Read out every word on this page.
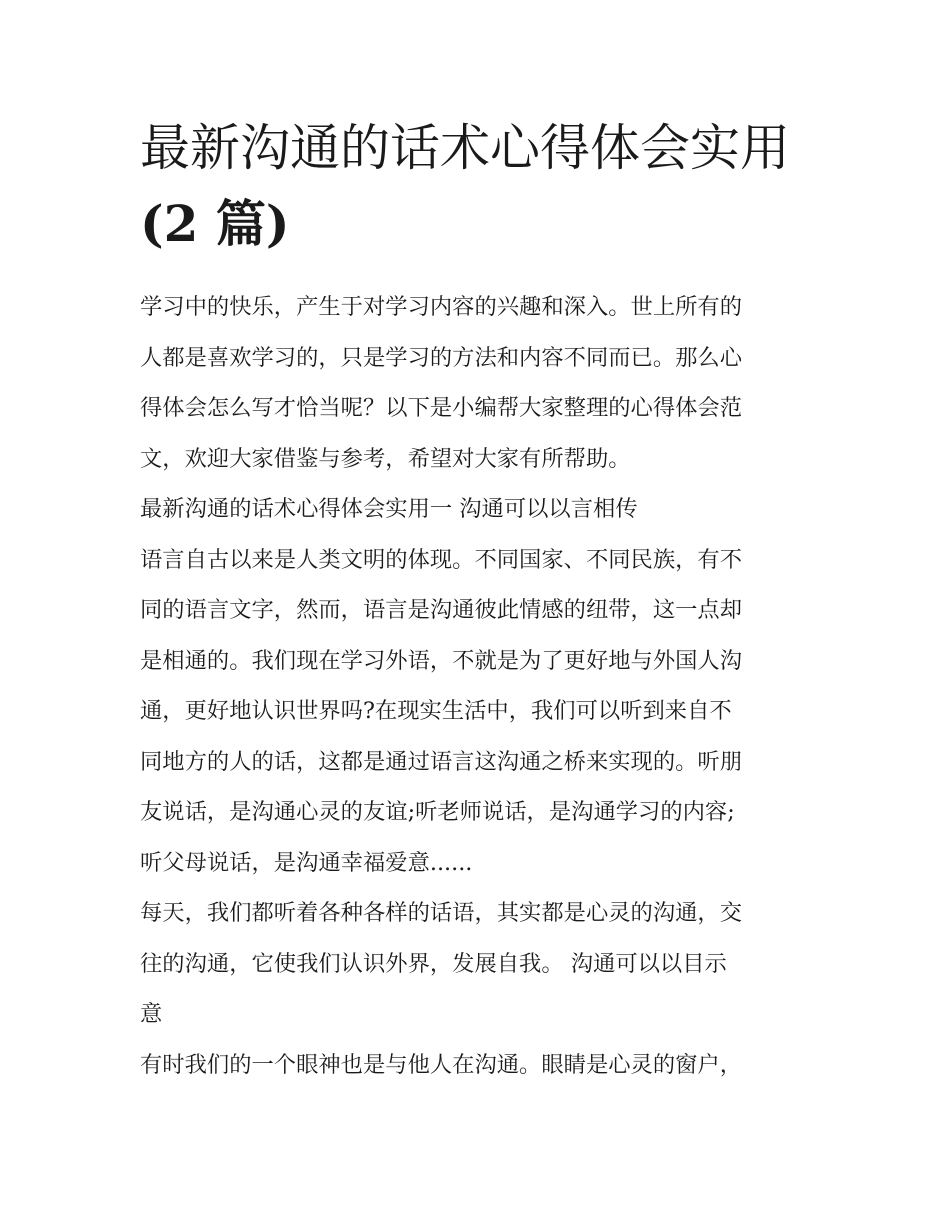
最新沟通的话术心得体会实用
(2 篇)

学习中的快乐，产生于对学习内容的兴趣和深入。世上所有的
人都是喜欢学习的，只是学习的方法和内容不同而已。那么心
得体会怎么写才恰当呢？以下是小编帮大家整理的心得体会范
文，欢迎大家借鉴与参考，希望对大家有所帮助。

最新沟通的话术心得体会实用一 沟通可以以言相传

语言自古以来是人类文明的体现。不同国家、不同民族，有不
同的语言文字，然而，语言是沟通彼此情感的纽带，这一点却
是相通的。我们现在学习外语，不就是为了更好地与外国人沟
通，更好地认识世界吗?在现实生活中，我们可以听到来自不
同地方的人的话，这都是通过语言这沟通之桥来实现的。听朋
友说话，是沟通心灵的友谊;听老师说话，是沟通学习的内容;
听父母说话，是沟通幸福爱意......

每天，我们都听着各种各样的话语，其实都是心灵的沟通，交
往的沟通，它使我们认识外界，发展自我。 沟通可以以目示
意

有时我们的一个眼神也是与他人在沟通。眼睛是心灵的窗户，
